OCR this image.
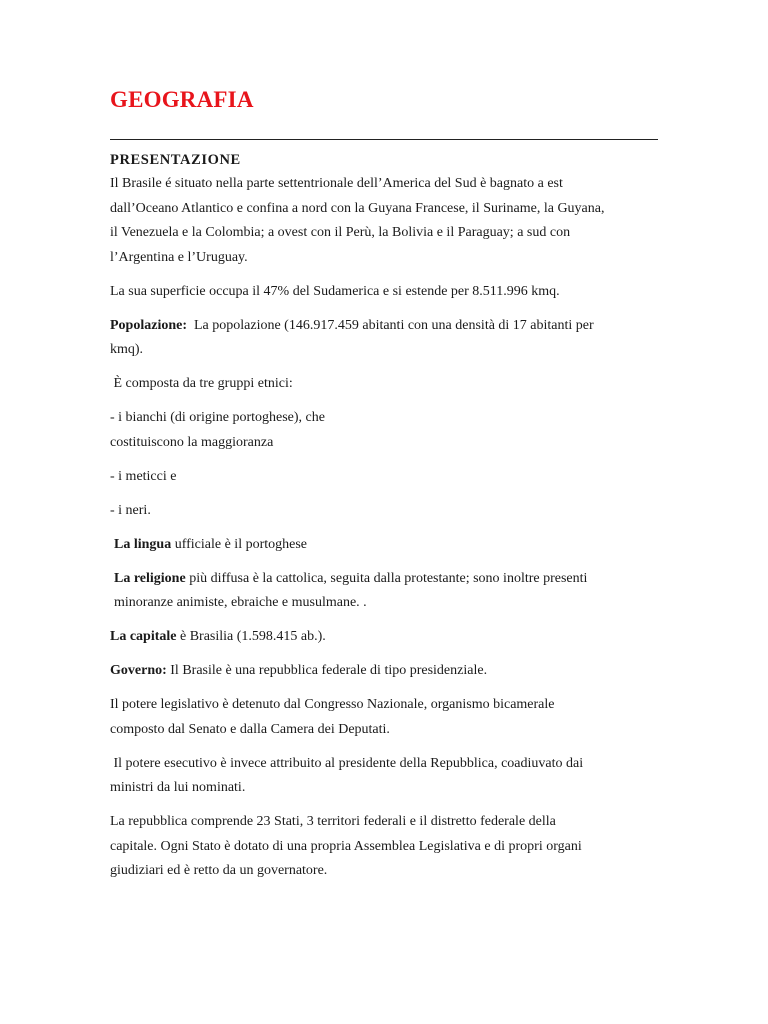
GEOGRAFIA
PRESENTAZIONE
Il Brasile é situato nella parte settentrionale dell’America del Sud è bagnato a est
dall’Oceano Atlantico e confina a nord con la Guyana Francese, il Suriname, la Guyana,
il Venezuela e la Colombia; a ovest con il Perù, la Bolivia e il Paraguay; a sud con
l’Argentina e l’Uruguay.
La sua superficie occupa il 47% del Sudamerica e si estende per 8.511.996 kmq.
Popolazione:  La popolazione (146.917.459 abitanti con una densità di 17 abitanti per
kmq).
È composta da tre gruppi etnici:
- i bianchi (di origine portoghese), che
costituiscono la maggioranza
- i meticci e
- i neri.
La lingua ufficiale è il portoghese
La religione più diffusa è la cattolica, seguita dalla protestante; sono inoltre presenti
minoranze animiste, ebraiche e musulmane. .
La capitale è Brasilia (1.598.415 ab.).
Governo: Il Brasile è una repubblica federale di tipo presidenziale.
Il potere legislativo è detenuto dal Congresso Nazionale, organismo bicamerale
composto dal Senato e dalla Camera dei Deputati.
Il potere esecutivo è invece attribuito al presidente della Repubblica, coadiuvato dai
ministri da lui nominati.
La repubblica comprende 23 Stati, 3 territori federali e il distretto federale della
capitale. Ogni Stato è dotato di una propria Assemblea Legislativa e di propri organi
giudiziari ed è retto da un governatore.
